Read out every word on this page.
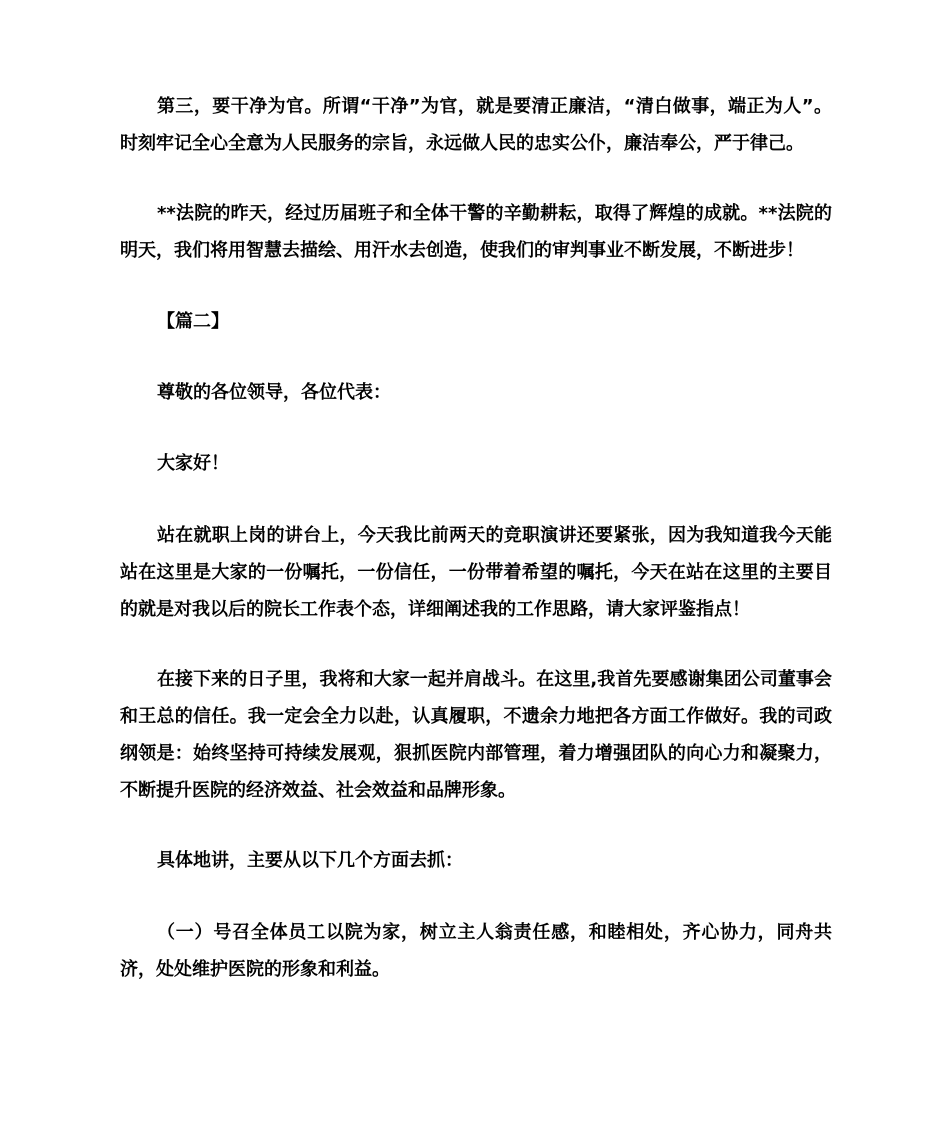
第三，要干净为官。所谓“干净”为官，就是要清正廉洁，“清白做事，端正为人”。时刻牢记全心全意为人民服务的宗旨，永远做人民的忠实公仆，廉洁奉公，严于律己。

**法院的昨天，经过历届班子和全体干警的辛勤耕耘，取得了辉煌的成就。**法院的明天，我们将用智慧去描绘、用汗水去创造，使我们的审判事业不断发展，不断进步！

【篇二】

尊敬的各位领导，各位代表：

大家好！

站在就职上岗的讲台上，今天我比前两天的竞职演讲还要紧张，因为我知道我今天能站在这里是大家的一份嘱托，一份信任，一份带着希望的嘱托，今天在站在这里的主要目的就是对我以后的院长工作表个态，详细阐述我的工作思路，请大家评鉴指点！

在接下来的日子里，我将和大家一起并肩战斗。在这里,我首先要感谢集团公司董事会和王总的信任。我一定会全力以赴，认真履职，不遗余力地把各方面工作做好。我的司政纲领是：始终坚持可持续发展观，狠抓医院内部管理，着力增强团队的向心力和凝聚力，不断提升医院的经济效益、社会效益和品牌形象。

具体地讲，主要从以下几个方面去抓：

（一）号召全体员工以院为家，树立主人翁责任感，和睦相处，齐心协力，同舟共济，处处维护医院的形象和利益。
